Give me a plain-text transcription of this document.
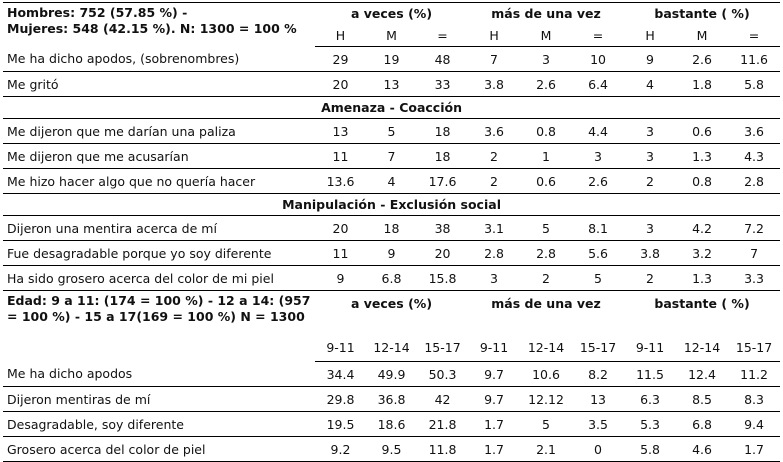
Hombres: 752 (57.85 %) -
Mujeres: 548 (42.15 %). N: 1300 = 100 %	a veces (%)			más de una vez			bastante ( %)		
	H	M	=	H	M	=	H	M	=
Me ha dicho apodos, (sobrenombres)	29	19	48	7	3	10	9	2.6	11.6
Me gritó	20	13	33	3.8	2.6	6.4	4	1.8	5.8
Amenaza - Coacción									
Me dijeron que me darían una paliza	13	5	18	3.6	0.8	4.4	3	0.6	3.6
Me dijeron que me acusarían	11	7	18	2	1	3	3	1.3	4.3
Me hizo hacer algo que no quería hacer	13.6	4	17.6	2	0.6	2.6	2	0.8	2.8
Manipulación - Exclusión social									
Dijeron una mentira acerca de mí	20	18	38	3.1	5	8.1	3	4.2	7.2
Fue desagradable porque yo soy diferente	11	9	20	2.8	2.8	5.6	3.8	3.2	7
Ha sido grosero acerca del color de mi piel	9	6.8	15.8	3	2	5	2	1.3	3.3
Edad: 9 a 11: (174 = 100 %) - 12 a 14: (957 = 100 %) - 15 a 17(169 = 100 %) N = 1300	a veces (%)			más de una vez			bastante ( %)		
	9-11	12-14	15-17	9-11	12-14	15-17	9-11	12-14	15-17
Me ha dicho apodos	34.4	49.9	50.3	9.7	10.6	8.2	11.5	12.4	11.2
Dijeron mentiras de mí	29.8	36.8	42	9.7	12.12	13	6.3	8.5	8.3
Desagradable, soy diferente	19.5	18.6	21.8	1.7	5	3.5	5.3	6.8	9.4
Grosero acerca del color de piel	9.2	9.5	11.8	1.7	2.1	0	5.8	4.6	1.7
